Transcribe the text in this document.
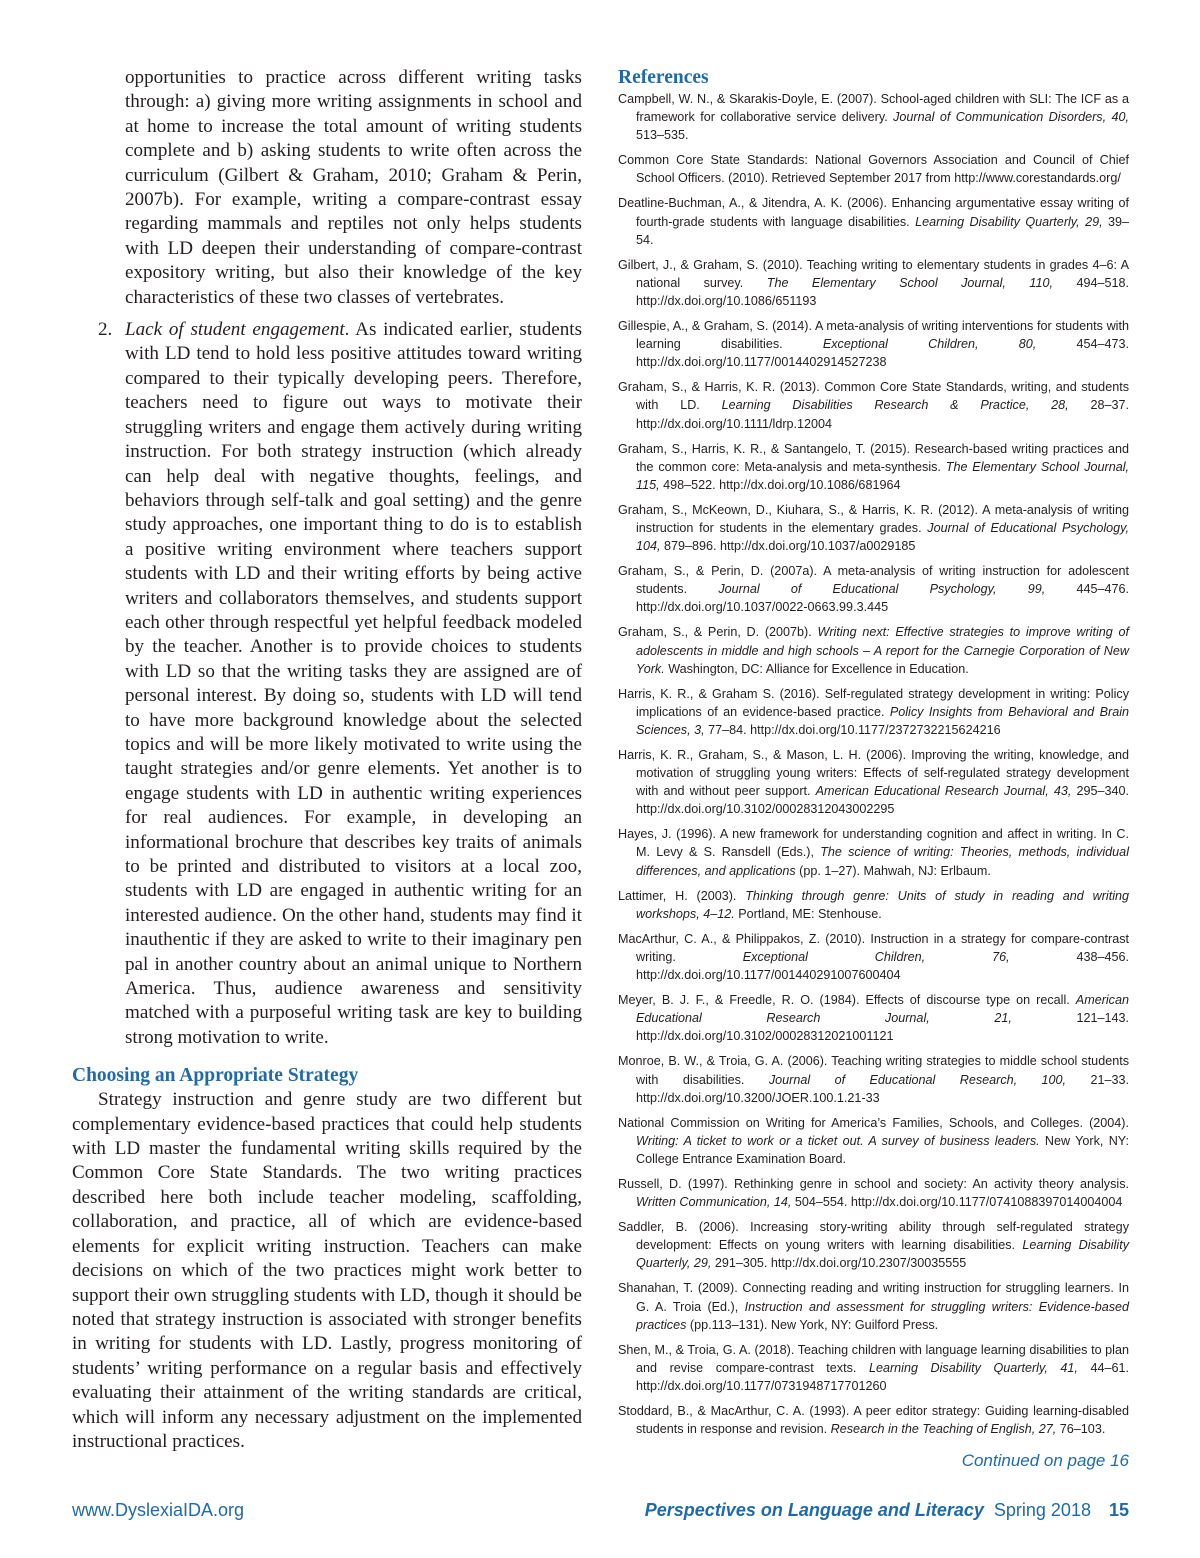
opportunities to practice across different writing tasks through: a) giving more writing assignments in school and at home to increase the total amount of writing students complete and b) asking students to write often across the curriculum (Gilbert & Graham, 2010; Graham & Perin, 2007b). For example, writing a compare-contrast essay regarding mammals and reptiles not only helps students with LD deepen their understanding of compare-contrast expository writing, but also their knowledge of the key characteristics of these two classes of vertebrates.

2. Lack of student engagement. As indicated earlier, students with LD tend to hold less positive attitudes toward writing compared to their typically developing peers. Therefore, teachers need to figure out ways to motivate their struggling writers and engage them actively during writing instruction. For both strategy instruction (which already can help deal with negative thoughts, feelings, and behaviors through self-talk and goal setting) and the genre study approaches, one important thing to do is to establish a positive writing environment where teachers support students with LD and their writing efforts by being active writers and collaborators themselves, and students support each other through respectful yet helpful feedback modeled by the teacher. Another is to provide choices to students with LD so that the writing tasks they are assigned are of personal interest. By doing so, students with LD will tend to have more background knowledge about the selected topics and will be more likely motivated to write using the taught strategies and/or genre elements. Yet another is to engage students with LD in authentic writing experiences for real audiences. For example, in developing an informational brochure that describes key traits of animals to be printed and distributed to visitors at a local zoo, students with LD are engaged in authentic writing for an interested audience. On the other hand, students may find it inauthentic if they are asked to write to their imaginary pen pal in another country about an animal unique to Northern America. Thus, audience awareness and sensitivity matched with a purposeful writing task are key to building strong motivation to write.

Choosing an Appropriate Strategy

Strategy instruction and genre study are two different but complementary evidence-based practices that could help students with LD master the fundamental writing skills required by the Common Core State Standards. The two writing practices described here both include teacher modeling, scaffolding, collaboration, and practice, all of which are evidence-based elements for explicit writing instruction. Teachers can make decisions on which of the two practices might work better to support their own struggling students with LD, though it should be noted that strategy instruction is associated with stronger benefits in writing for students with LD. Lastly, progress monitoring of students’ writing performance on a regular basis and effectively evaluating their attainment of the writing standards are critical, which will inform any necessary adjustment on the implemented instructional practices.

References

Campbell, W. N., & Skarakis-Doyle, E. (2007). School-aged children with SLI: The ICF as a framework for collaborative service delivery. Journal of Communication Disorders, 40, 513–535.

Common Core State Standards: National Governors Association and Council of Chief School Officers. (2010). Retrieved September 2017 from http://www.corestandards.org/

Deatline-Buchman, A., & Jitendra, A. K. (2006). Enhancing argumentative essay writing of fourth-grade students with language disabilities. Learning Disability Quarterly, 29, 39–54.

Gilbert, J., & Graham, S. (2010). Teaching writing to elementary students in grades 4–6: A national survey. The Elementary School Journal, 110, 494–518. http://dx.doi.org/10.1086/651193

Gillespie, A., & Graham, S. (2014). A meta-analysis of writing interventions for students with learning disabilities. Exceptional Children, 80, 454–473. http://dx.doi.org/10.1177/0014402914527238

Graham, S., & Harris, K. R. (2013). Common Core State Standards, writing, and students with LD. Learning Disabilities Research & Practice, 28, 28–37. http://dx.doi.org/10.1111/ldrp.12004

Graham, S., Harris, K. R., & Santangelo, T. (2015). Research-based writing practices and the common core: Meta-analysis and meta-synthesis. The Elementary School Journal, 115, 498–522. http://dx.doi.org/10.1086/681964

Graham, S., McKeown, D., Kiuhara, S., & Harris, K. R. (2012). A meta-analysis of writing instruction for students in the elementary grades. Journal of Educational Psychology, 104, 879–896. http://dx.doi.org/10.1037/a0029185

Graham, S., & Perin, D. (2007a). A meta-analysis of writing instruction for adolescent students. Journal of Educational Psychology, 99, 445–476. http://dx.doi.org/10.1037/0022-0663.99.3.445

Graham, S., & Perin, D. (2007b). Writing next: Effective strategies to improve writing of adolescents in middle and high schools – A report for the Carnegie Corporation of New York. Washington, DC: Alliance for Excellence in Education.

Harris, K. R., & Graham S. (2016). Self-regulated strategy development in writing: Policy implications of an evidence-based practice. Policy Insights from Behavioral and Brain Sciences, 3, 77–84. http://dx.doi.org/10.1177/2372732215624216

Harris, K. R., Graham, S., & Mason, L. H. (2006). Improving the writing, knowledge, and motivation of struggling young writers: Effects of self-regulated strategy development with and without peer support. American Educational Research Journal, 43, 295–340. http://dx.doi.org/10.3102/00028312043002295

Hayes, J. (1996). A new framework for understanding cognition and affect in writing. In C. M. Levy & S. Ransdell (Eds.), The science of writing: Theories, methods, individual differences, and applications (pp. 1–27). Mahwah, NJ: Erlbaum.

Lattimer, H. (2003). Thinking through genre: Units of study in reading and writing workshops, 4–12. Portland, ME: Stenhouse.

MacArthur, C. A., & Philippakos, Z. (2010). Instruction in a strategy for compare-contrast writing. Exceptional Children, 76, 438–456. http://dx.doi.org/10.1177/001440291007600404

Meyer, B. J. F., & Freedle, R. O. (1984). Effects of discourse type on recall. American Educational Research Journal, 21, 121–143. http://dx.doi.org/10.3102/00028312021001121

Monroe, B. W., & Troia, G. A. (2006). Teaching writing strategies to middle school students with disabilities. Journal of Educational Research, 100, 21–33. http://dx.doi.org/10.3200/JOER.100.1.21-33

National Commission on Writing for America’s Families, Schools, and Colleges. (2004). Writing: A ticket to work or a ticket out. A survey of business leaders. New York, NY: College Entrance Examination Board.

Russell, D. (1997). Rethinking genre in school and society: An activity theory analysis. Written Communication, 14, 504–554. http://dx.doi.org/10.1177/0741088397014004004

Saddler, B. (2006). Increasing story-writing ability through self-regulated strategy development: Effects on young writers with learning disabilities. Learning Disability Quarterly, 29, 291–305. http://dx.doi.org/10.2307/30035555

Shanahan, T. (2009). Connecting reading and writing instruction for struggling learners. In G. A. Troia (Ed.), Instruction and assessment for struggling writers: Evidence-based practices (pp.113–131). New York, NY: Guilford Press.

Shen, M., & Troia, G. A. (2018). Teaching children with language learning disabilities to plan and revise compare-contrast texts. Learning Disability Quarterly, 41, 44–61. http://dx.doi.org/10.1177/0731948717701260

Stoddard, B., & MacArthur, C. A. (1993). A peer editor strategy: Guiding learning-disabled students in response and revision. Research in the Teaching of English, 27, 76–103.

Continued on page 16
www.DyslexiaIDA.org	Perspectives on Language and Literacy Spring 2018 15
